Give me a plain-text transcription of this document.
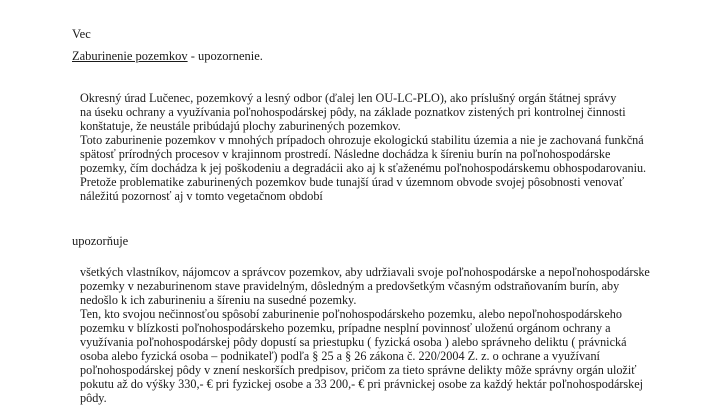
Vec
Zaburinenie pozemkov - upozornenie.
Okresný úrad Lučenec, pozemkový a lesný odbor (ďalej len OU-LC-PLO), ako príslušný orgán štátnej správy
na úseku ochrany a využívania poľnohospodárskej pôdy, na základe poznatkov zistených pri kontrolnej činnosti
konštatuje, že neustále pribúdajú plochy zaburinených pozemkov.
Toto zaburinenie pozemkov v mnohých prípadoch ohrozuje ekologickú stabilitu územia a nie je zachovaná funkčná
spätosť prírodných procesov v krajinnom prostredí. Následne dochádza k šíreniu burín na poľnohospodárske
pozemky, čím dochádza k jej poškodeniu a degradácii ako aj k sťaženému poľnohospodárskemu obhospodarovaniu.
Pretože problematike zaburinených pozemkov bude tunajší úrad v územnom obvode svojej pôsobnosti venovať
náležitú pozornosť aj v tomto vegetačnom období
upozorňuje
všetkých vlastníkov, nájomcov a správcov pozemkov, aby udržiavali svoje poľnohospodárske a nepoľnohospodárske
pozemky v nezaburinenom stave pravidelným, dôsledným a predovšetkým včasným odstraňovaním burín, aby
nedošlo k ich zaburineniu a šíreniu na susedné pozemky.
Ten, kto svojou nečinnosťou spôsobí zaburinenie poľnohospodárskeho pozemku, alebo nepoľnohospodárskeho
pozemku v blízkosti poľnohospodárskeho pozemku, prípadne nesplní povinnosť uloženú orgánom ochrany a
využívania poľnohospodárskej pôdy dopustí sa priestupku ( fyzická osoba ) alebo správneho deliktu ( právnická
osoba alebo fyzická osoba – podnikateľ) podľa § 25 a § 26 zákona č. 220/2004 Z. z. o ochrane a využívaní
poľnohospodárskej pôdy v znení neskorších predpisov, pričom za tieto správne delikty môže správny orgán uložiť
pokutu až do výšky 330,- € pri fyzickej osobe a 33 200,- € pri právnickej osobe za každý hektár poľnohospodárskej
pôdy.
